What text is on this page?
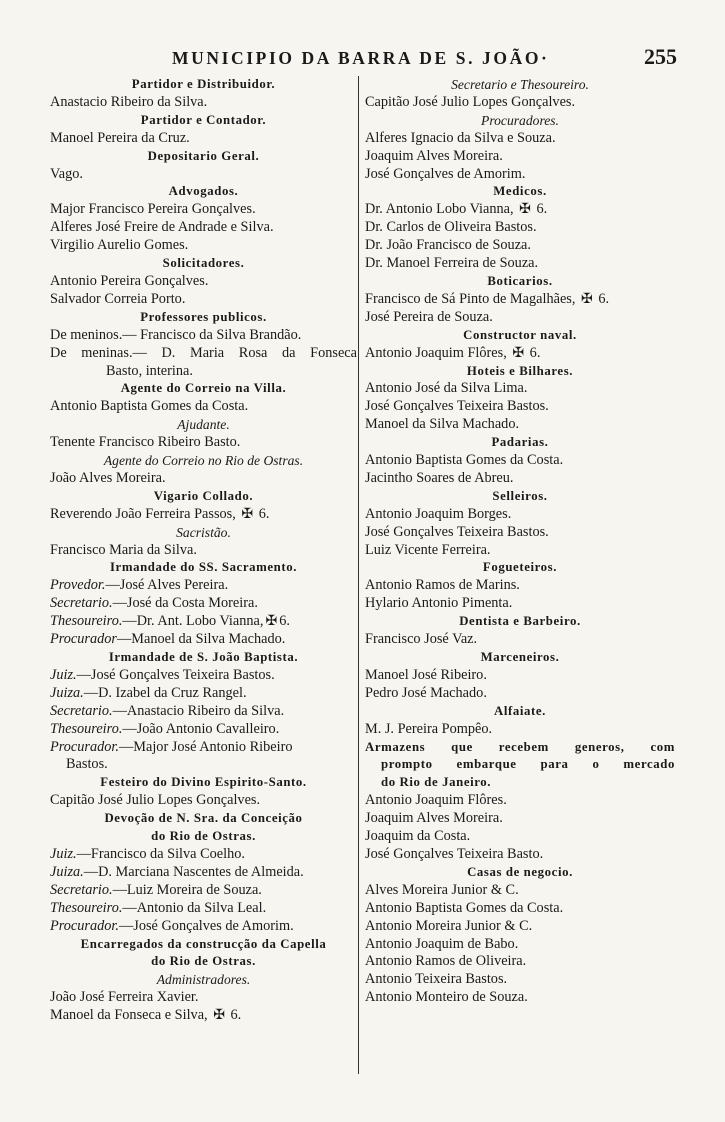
MUNICIPIO DA BARRA DE S. JOÃO·	255
Partidor e Distribuidor.
Anastacio Ribeiro da Silva.
Partidor e Contador.
Manoel Pereira da Cruz.
Depositario Geral.
Vago.
Advogados.
Major Francisco Pereira Gonçalves.
Alferes José Freire de Andrade e Silva.
Virgilio Aurelio Gomes.
Solicitadores.
Antonio Pereira Gonçalves.
Salvador Correia Porto.
Professores publicos.
De meninos.— Francisco da Silva Brandão.
De meninas.— D. Maria Rosa da Fonseca
Basto, interina.
Agente do Correio na Villa.
Antonio Baptista Gomes da Costa.
Ajudante.
Tenente Francisco Ribeiro Basto.
Agente do Correio no Rio de Ostras.
João Alves Moreira.
Vigario Collado.
Reverendo João Ferreira Passos, ✠ 6.
Sacristão.
Francisco Maria da Silva.
Irmandade do SS. Sacramento.
Provedor.—José Alves Pereira.
Secretario.—José da Costa Moreira.
Thesoureiro.—Dr. Ant. Lobo Vianna, ✠ 6.
Procurador—Manoel da Silva Machado.
Irmandade de S. João Baptista.
Juiz.—José Gonçalves Teixeira Bastos.
Juiza.—D. Izabel da Cruz Rangel.
Secretario.—Anastacio Ribeiro da Silva.
Thesoureiro.—João Antonio Cavalleiro.
Procurador.—Major José Antonio Ribeiro
Bastos.
Festeiro do Divino Espirito-Santo.
Capitão José Julio Lopes Gonçalves.
Devoção de N. Sra. da Conceição
do Rio de Ostras.
Juiz.—Francisco da Silva Coelho.
Juiza.—D. Marciana Nascentes de Almeida.
Secretario.—Luiz Moreira de Souza.
Thesoureiro.—Antonio da Silva Leal.
Procurador.—José Gonçalves de Amorim.
Encarregados da construcção da Capella
do Rio de Ostras.
Administradores.
João José Ferreira Xavier.
Manoel da Fonseca e Silva, ✠ 6.
Secretario e Thesoureiro.
Capitão José Julio Lopes Gonçalves.
Procuradores.
Alferes Ignacio da Silva e Souza.
Joaquim Alves Moreira.
José Gonçalves de Amorim.
Medicos.
Dr. Antonio Lobo Vianna, ✠ 6.
Dr. Carlos de Oliveira Bastos.
Dr. João Francisco de Souza.
Dr. Manoel Ferreira de Souza.
Boticarios.
Francisco de Sá Pinto de Magalhães, ✠ 6.
José Pereira de Souza.
Constructor naval.
Antonio Joaquim Flôres, ✠ 6.
Hoteis e Bilhares.
Antonio José da Silva Lima.
José Gonçalves Teixeira Bastos.
Manoel da Silva Machado.
Padarias.
Antonio Baptista Gomes da Costa.
Jacintho Soares de Abreu.
Selleiros.
Antonio Joaquim Borges.
José Gonçalves Teixeira Bastos.
Luiz Vicente Ferreira.
Fogueteiros.
Antonio Ramos de Marins.
Hylario Antonio Pimenta.
Dentista e Barbeiro.
Francisco José Vaz.
Marceneiros.
Manoel José Ribeiro.
Pedro José Machado.
Alfaiate.
M. J. Pereira Pompêo.
Armazens que recebem generos, com
prompto embarque para o mercado
do Rio de Janeiro.
Antonio Joaquim Flôres.
Joaquim Alves Moreira.
Joaquim da Costa.
José Gonçalves Teixeira Basto.
Casas de negocio.
Alves Moreira Junior & C.
Antonio Baptista Gomes da Costa.
Antonio Moreira Junior & C.
Antonio Joaquim de Babo.
Antonio Ramos de Oliveira.
Antonio Teixeira Bastos.
Antonio Monteiro de Souza.
